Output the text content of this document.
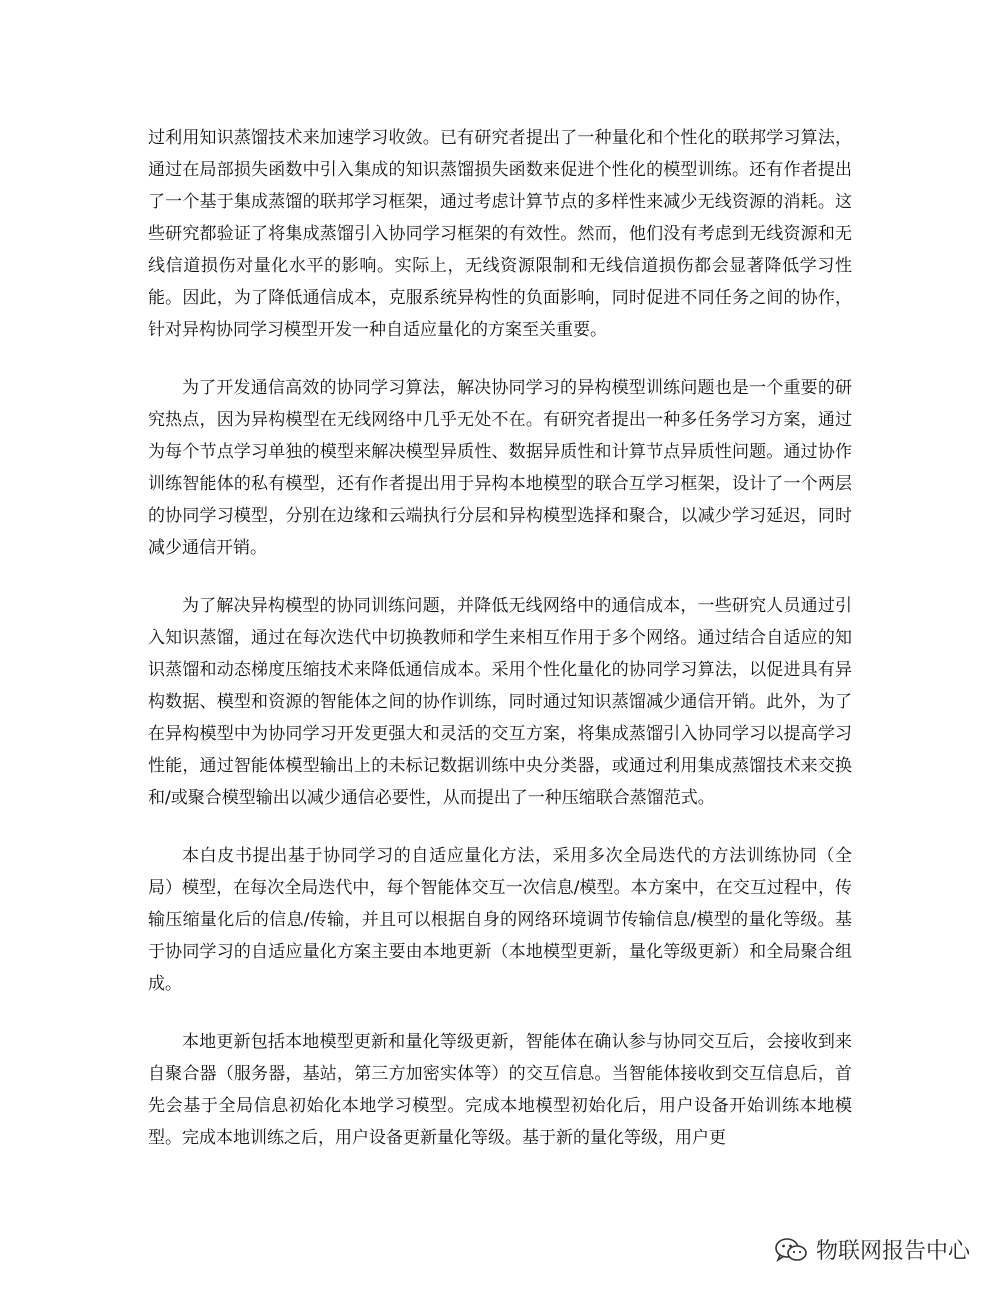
过利用知识蒸馏技术来加速学习收敛。已有研究者提出了一种量化和个性化的联邦学习算法，通过在局部损失函数中引入集成的知识蒸馏损失函数来促进个性化的模型训练。还有作者提出了一个基于集成蒸馏的联邦学习框架，通过考虑计算节点的多样性来减少无线资源的消耗。这些研究都验证了将集成蒸馏引入协同学习框架的有效性。然而，他们没有考虑到无线资源和无线信道损伤对量化水平的影响。实际上，无线资源限制和无线信道损伤都会显著降低学习性能。因此，为了降低通信成本，克服系统异构性的负面影响，同时促进不同任务之间的协作，针对异构协同学习模型开发一种自适应量化的方案至关重要。

为了开发通信高效的协同学习算法，解决协同学习的异构模型训练问题也是一个重要的研究热点，因为异构模型在无线网络中几乎无处不在。有研究者提出一种多任务学习方案，通过为每个节点学习单独的模型来解决模型异质性、数据异质性和计算节点异质性问题。通过协作训练智能体的私有模型，还有作者提出用于异构本地模型的联合互学习框架，设计了一个两层的协同学习模型，分别在边缘和云端执行分层和异构模型选择和聚合，以减少学习延迟，同时减少通信开销。

为了解决异构模型的协同训练问题，并降低无线网络中的通信成本，一些研究人员通过引入知识蒸馏，通过在每次迭代中切换教师和学生来相互作用于多个网络。通过结合自适应的知识蒸馏和动态梯度压缩技术来降低通信成本。采用个性化量化的协同学习算法，以促进具有异构数据、模型和资源的智能体之间的协作训练，同时通过知识蒸馏减少通信开销。此外，为了在异构模型中为协同学习开发更强大和灵活的交互方案，将集成蒸馏引入协同学习以提高学习性能，通过智能体模型输出上的未标记数据训练中央分类器，或通过利用集成蒸馏技术来交换和/或聚合模型输出以减少通信必要性，从而提出了一种压缩联合蒸馏范式。

本白皮书提出基于协同学习的自适应量化方法，采用多次全局迭代的方法训练协同（全局）模型，在每次全局迭代中，每个智能体交互一次信息/模型。本方案中，在交互过程中，传输压缩量化后的信息/传输，并且可以根据自身的网络环境调节传输信息/模型的量化等级。基于协同学习的自适应量化方案主要由本地更新（本地模型更新，量化等级更新）和全局聚合组成。

本地更新包括本地模型更新和量化等级更新，智能体在确认参与协同交互后，会接收到来自聚合器（服务器，基站，第三方加密实体等）的交互信息。当智能体接收到交互信息后，首先会基于全局信息初始化本地学习模型。完成本地模型初始化后，用户设备开始训练本地模型。完成本地训练之后，用户设备更新量化等级。基于新的量化等级，用户更

物联网报告中心
